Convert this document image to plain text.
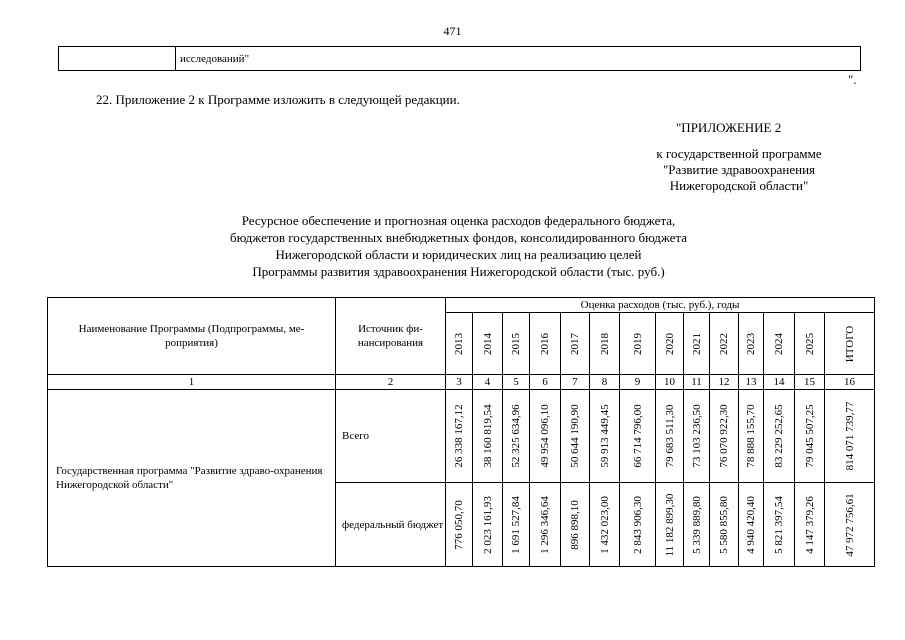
471
исследований"
".
22. Приложение 2 к Программе изложить в следующей редакции.
"ПРИЛОЖЕНИЕ 2
к государственной программе
"Развитие здравоохранения
Нижегородской области"
Ресурсное обеспечение и прогнозная оценка расходов федерального бюджета,
бюджетов государственных внебюджетных фондов, консолидированного бюджета
Нижегородской области и юридических лиц на реализацию целей
Программы развития здравоохранения Нижегородской области (тыс. руб.)
Наименование Программы (Подпрограммы, ме-роприятия)	Источник фи-нансирования	Оценка расходов (тыс. руб.), годы													

		2013	2014	2015	2016	2017	2018	2019	2020	2021	2022	2023	2024	2025	ИТОГО

1	2	3	4	5	6	7	8	9	10	11	12	13	14	15	16
Государственная программа "Развитие здраво-охранения Нижегородской области"	Всего	26 338 167,12	38 160 819,54	52 325 634,96	49 954 096,10	50 644 190,90	59 913 449,45	66 714 796,00	79 683 511,30	73 103 236,50	76 070 922,30	78 888 155,70	83 229 252,65	79 045 507,25	814 071 739,77

	федеральный бюджет	776 050,70	2 023 161,93	1 691 527,84	1 296 346,64	896 898,10	1 432 023,00	2 843 906,30	11 182 899,30	5 339 889,80	5 580 855,80	4 940 420,40	5 821 397,54	4 147 379,26	47 972 756,61
